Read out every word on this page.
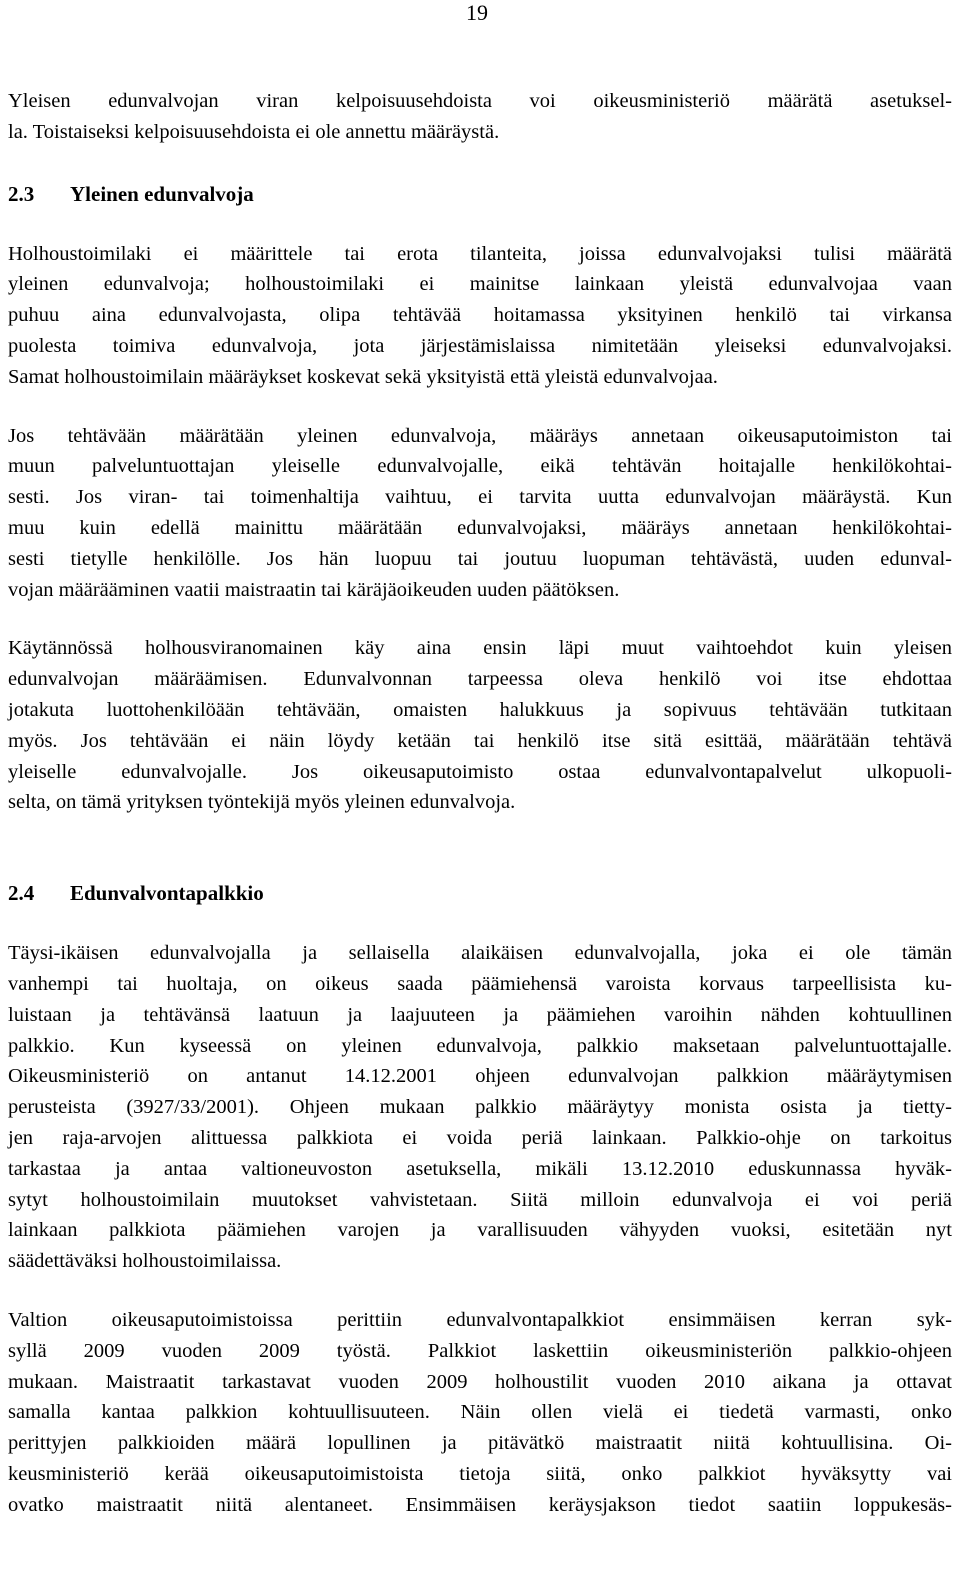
19

Yleisen edunvalvojan viran kelpoisuusehdoista voi oikeusministeriö määrätä asetuksel-
la. Toistaiseksi kelpoisuusehdoista ei ole annettu määräystä.

2.3 Yleinen edunvalvoja

Holhoustoimilaki ei määrittele tai erota tilanteita, joissa edunvalvojaksi tulisi määrätä
yleinen edunvalvoja; holhoustoimilaki ei mainitse lainkaan yleistä edunvalvojaa vaan
puhuu aina edunvalvojasta, olipa tehtävää hoitamassa yksityinen henkilö tai virkansa
puolesta toimiva edunvalvoja, jota järjestämislaissa nimitetään yleiseksi edunvalvojaksi.
Samat holhoustoimilain määräykset koskevat sekä yksityistä että yleistä edunvalvojaa.

Jos tehtävään määrätään yleinen edunvalvoja, määräys annetaan oikeusaputoimiston tai
muun palveluntuottajan yleiselle edunvalvojalle, eikä tehtävän hoitajalle henkilökohtai-
sesti. Jos viran- tai toimenhaltija vaihtuu, ei tarvita uutta edunvalvojan määräystä. Kun
muu kuin edellä mainittu määrätään edunvalvojaksi, määräys annetaan henkilökohtai-
sesti tietylle henkilölle. Jos hän luopuu tai joutuu luopuman tehtävästä, uuden edunval-
vojan määrääminen vaatii maistraatin tai käräjäoikeuden uuden päätöksen.

Käytännössä holhousviranomainen käy aina ensin läpi muut vaihtoehdot kuin yleisen
edunvalvojan määräämisen. Edunvalvonnan tarpeessa oleva henkilö voi itse ehdottaa
jotakuta luottohenkilöään tehtävään, omaisten halukkuus ja sopivuus tehtävään tutkitaan
myös. Jos tehtävään ei näin löydy ketään tai henkilö itse sitä esittää, määrätään tehtävä
yleiselle edunvalvojalle. Jos oikeusaputoimisto ostaa edunvalvontapalvelut ulkopuoli-
selta, on tämä yrityksen työntekijä myös yleinen edunvalvoja.

2.4 Edunvalvontapalkkio

Täysi-ikäisen edunvalvojalla ja sellaisella alaikäisen edunvalvojalla, joka ei ole tämän
vanhempi tai huoltaja, on oikeus saada päämiehensä varoista korvaus tarpeellisista ku-
luistaan ja tehtävänsä laatuun ja laajuuteen ja päämiehen varoihin nähden kohtuullinen
palkkio. Kun kyseessä on yleinen edunvalvoja, palkkio maksetaan palveluntuottajalle.
Oikeusministeriö on antanut 14.12.2001 ohjeen edunvalvojan palkkion määräytymisen
perusteista (3927/33/2001). Ohjeen mukaan palkkio määräytyy monista osista ja tietty-
jen raja-arvojen alittuessa palkkiota ei voida periä lainkaan. Palkkio-ohje on tarkoitus
tarkastaa ja antaa valtioneuvoston asetuksella, mikäli 13.12.2010 eduskunnassa hyväk-
sytyt holhoustoimilain muutokset vahvistetaan. Siitä milloin edunvalvoja ei voi periä
lainkaan palkkiota päämiehen varojen ja varallisuuden vähyyden vuoksi, esitetään nyt
säädettäväksi holhoustoimilaissa.

Valtion oikeusaputoimistoissa perittiin edunvalvontapalkkiot ensimmäisen kerran syk-
syllä 2009 vuoden 2009 työstä. Palkkiot laskettiin oikeusministeriön palkkio-ohjeen
mukaan. Maistraatit tarkastavat vuoden 2009 holhoustilit vuoden 2010 aikana ja ottavat
samalla kantaa palkkion kohtuullisuuteen. Näin ollen vielä ei tiedetä varmasti, onko
perittyjen palkkioiden määrä lopullinen ja pitävätkö maistraatit niitä kohtuullisina. Oi-
keusministeriö kerää oikeusaputoimistoista tietoja siitä, onko palkkiot hyväksytty vai
ovatko maistraatit niitä alentaneet. Ensimmäisen keräysjakson tiedot saatiin loppukesäs-
